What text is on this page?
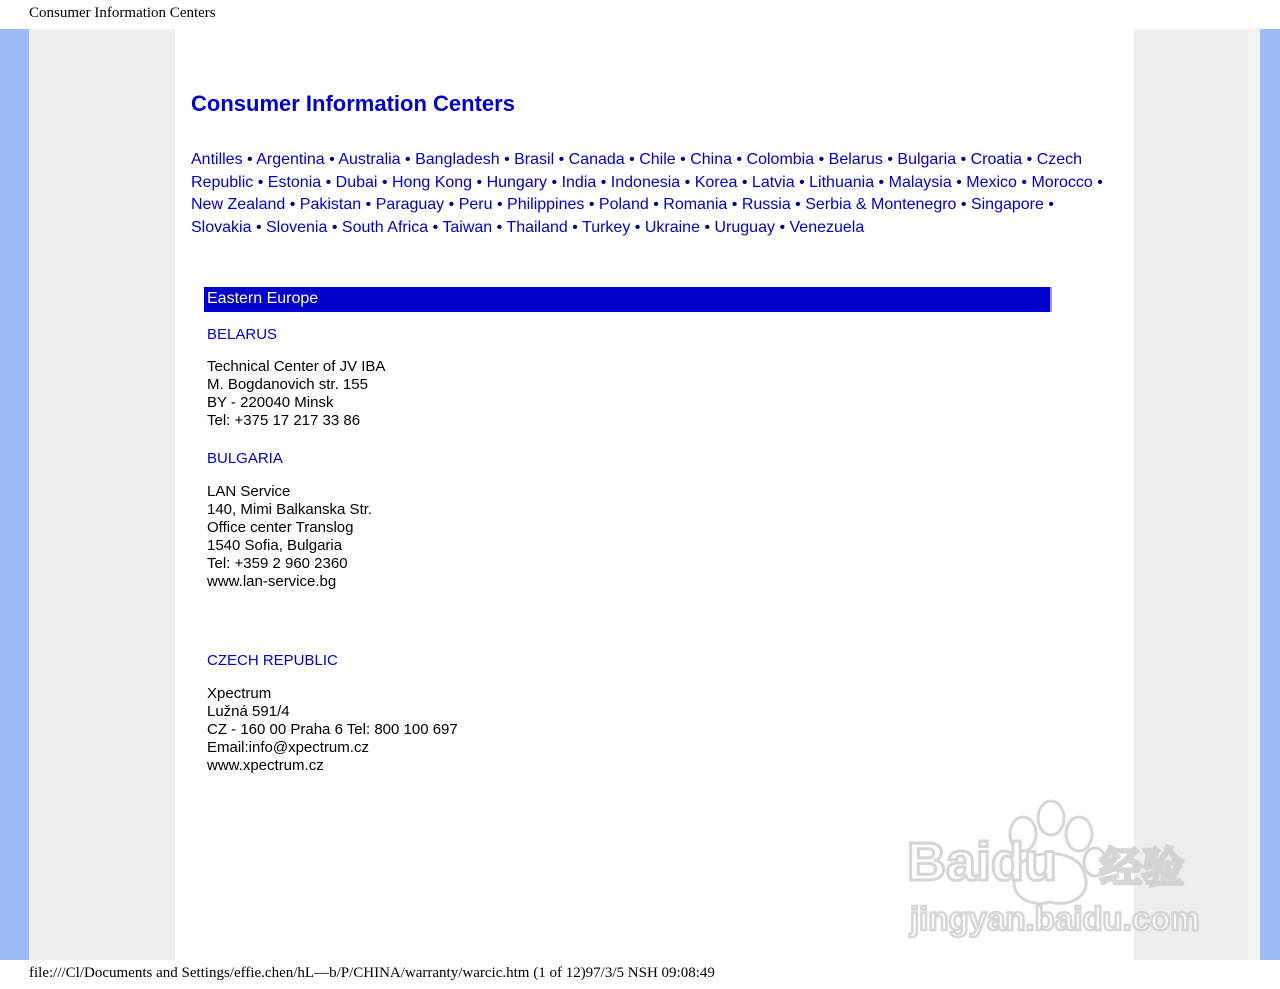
Consumer Information Centers
Consumer Information Centers
Antilles • Argentina • Australia • Bangladesh • Brasil • Canada • Chile • China • Colombia • Belarus • Bulgaria • Croatia • Czech Republic • Estonia • Dubai • Hong Kong • Hungary • India • Indonesia • Korea • Latvia • Lithuania • Malaysia • Mexico • Morocco • New Zealand • Pakistan • Paraguay • Peru • Philippines • Poland • Romania • Russia • Serbia & Montenegro • Singapore • Slovakia • Slovenia • South Africa • Taiwan • Thailand • Turkey • Ukraine • Uruguay • Venezuela
Eastern Europe
BELARUS
Technical Center of JV IBA
M. Bogdanovich str. 155
BY - 220040 Minsk
Tel: +375 17 217 33 86
BULGARIA
LAN Service
140, Mimi Balkanska Str.
Office center Translog
1540 Sofia, Bulgaria
Tel: +359 2 960 2360
www.lan-service.bg
CZECH REPUBLIC
Xpectrum
Lužná 591/4
CZ - 160 00 Praha 6 Tel: 800 100 697
Email:info@xpectrum.cz
www.xpectrum.cz
Baidu 经验
jingyan.baidu.com
file:///Cl/Documents and Settings/effie.chen/hL—b/P/CHINA/warranty/warcic.htm (1 of 12)97/3/5 NSH 09:08:49
